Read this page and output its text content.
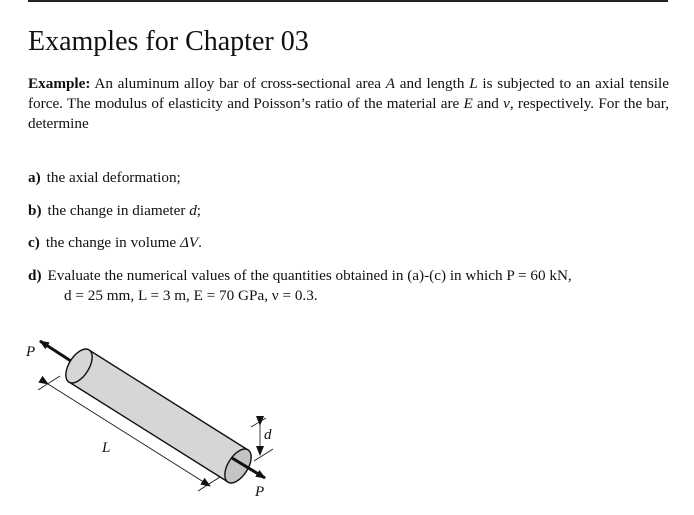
Examples for Chapter 03

Example: An aluminum alloy bar of cross-sectional area A and length L is subjected to an axial tensile force. The modulus of elasticity and Poisson’s ratio of the material are E and ν, respectively. For the bar, determine

a) the axial deformation;
b) the change in diameter d;
c) the change in volume ΔV.
d) Evaluate the numerical values of the quantities obtained in (a)-(c) in which P = 60 kN,
d = 25 mm, L = 3 m, E = 70 GPa, ν = 0.3.
P
P
L
d
